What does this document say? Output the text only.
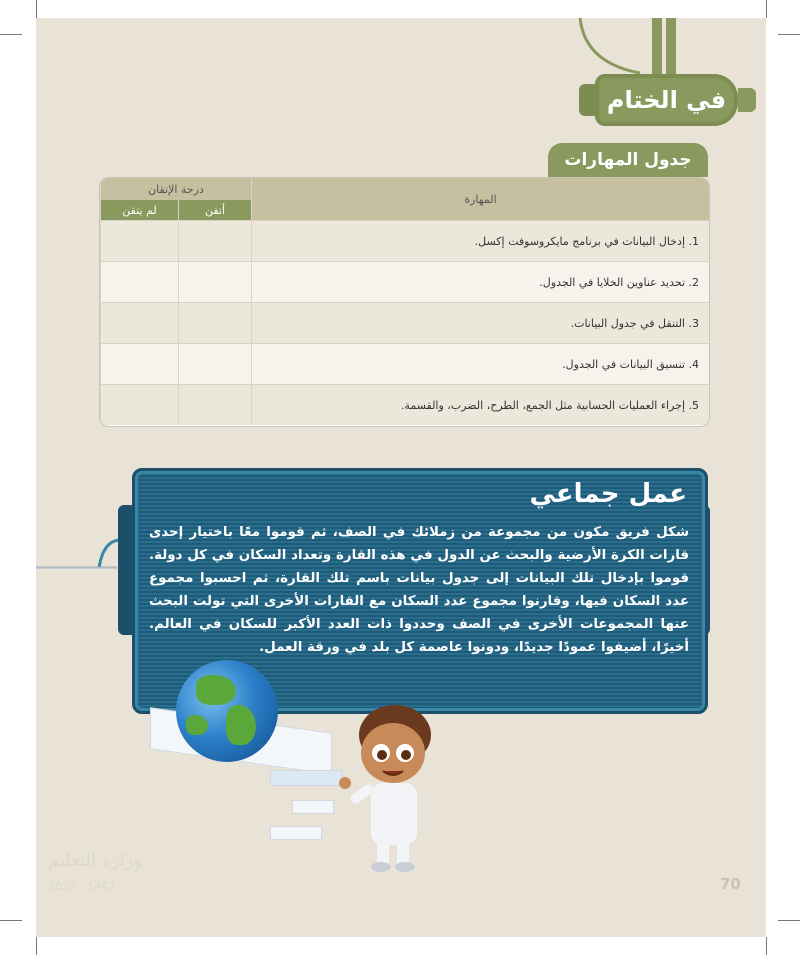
في الختام
جدول المهارات
المهارة	درجة الإتقان	
	أتقن	لم يتقن
1. إدخال البيانات في برنامج مايكروسوفت إكسل.		
2. تحديد عناوين الخلايا في الجدول.		
3. التنقل في جدول البيانات.		
4. تنسيق البيانات في الجدول.		
5. إجراء العمليات الحسابية مثل الجمع، الطرح، الضرب، والقسمة.		
عمل جماعي
شكل فريق مكون من مجموعة من زملائك في الصف، ثم قوموا معًا باختيار إحدى قارات الكرة الأرضية والبحث عن الدول في هذه القارة وتعداد السكان في كل دولة. قوموا بإدخال تلك البيانات إلى جدول بيانات باسم تلك القارة، ثم احسبوا مجموع عدد السكان فيها، وقارنوا مجموع عدد السكان مع القارات الأخرى التي تولت البحث عنها المجموعات الأخرى في الصف وحددوا ذات العدد الأكبر للسكان في العالم. أخيرًا، أضيفوا عمودًا جديدًا، ودونوا عاصمة كل بلد في ورقة العمل.
وزارة التعليم
2020 - 1442	70
